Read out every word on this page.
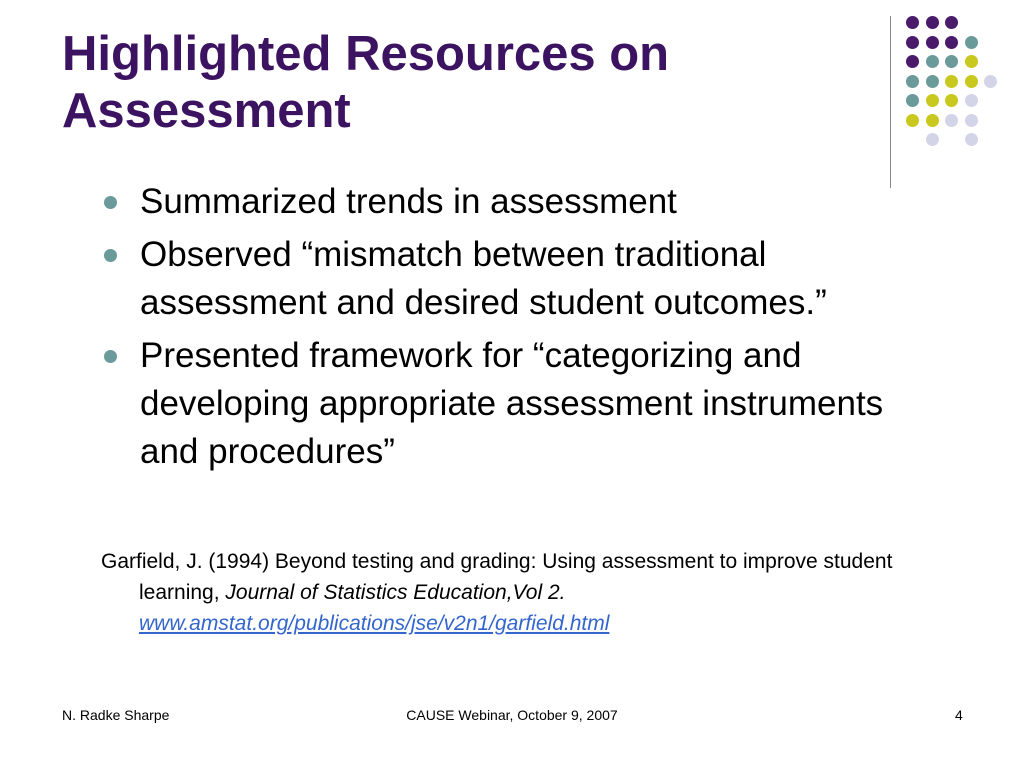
Highlighted Resources on
Assessment
Summarized trends in assessment
Observed “mismatch between traditional assessment and desired student outcomes.”
Presented framework for “categorizing and developing appropriate assessment instruments and procedures”

Garfield, J. (1994) Beyond testing and grading: Using assessment to improve student learning, Journal of Statistics Education,Vol 2.
www.amstat.org/publications/jse/v2n1/garfield.html

N. Radke Sharpe	CAUSE Webinar, October 9, 2007	4
